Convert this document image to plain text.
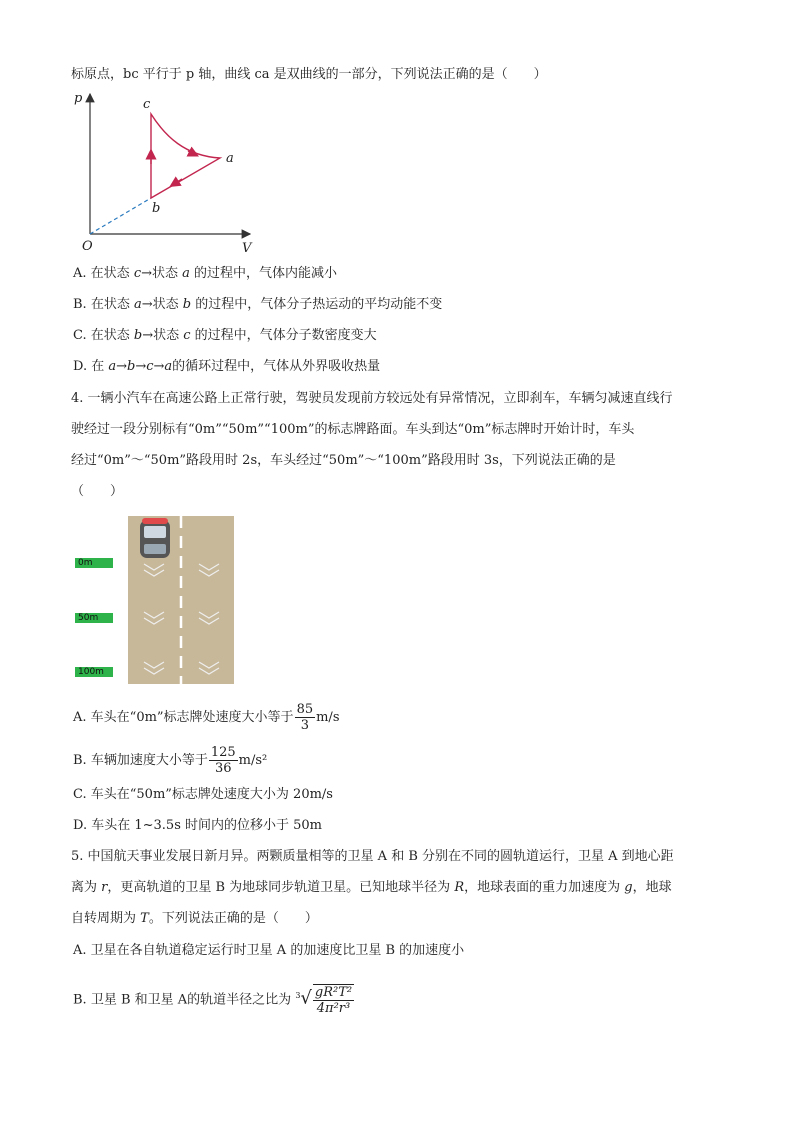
标原点，bc 平行于 p 轴，曲线 ca 是双曲线的一部分，下列说法正确的是（　　）
p
V
O
a
b
c
A. 在状态 c→状态 a 的过程中，气体内能减小
B. 在状态 a→状态 b 的过程中，气体分子热运动的平均动能不变
C. 在状态 b→状态 c 的过程中，气体分子数密度变大
D. 在 a→b→c→a的循环过程中，气体从外界吸收热量
4. 一辆小汽车在高速公路上正常行驶，驾驶员发现前方较远处有异常情况，立即刹车，车辆匀减速直线行
驶经过一段分别标有“0m”“50m”“100m”的标志牌路面。车头到达“0m”标志牌时开始计时，车头
经过“0m”～“50m”路段用时 2s，车头经过“50m”～“100m”路段用时 3s，下列说法正确的是
（　　）
0m
50m
100m
A. 车头在“0m”标志牌处速度大小等于 $\frac{85}{3} m/s$
B. 车辆加速度大小等于 $\frac{125}{36} m/s^2$
C. 车头在“50m”标志牌处速度大小为 20m/s
D. 车头在 1~3.5s 时间内的位移小于 50m
5. 中国航天事业发展日新月异。两颗质量相等的卫星 A 和 B 分别在不同的圆轨道运行，卫星 A 到地心距
离为 r，更高轨道的卫星 B 为地球同步轨道卫星。已知地球半径为 R，地球表面的重力加速度为 g，地球
自转周期为 T。下列说法正确的是（　　）
A. 卫星在各自轨道稳定运行时卫星 A 的加速度比卫星 B 的加速度小
B. 卫星 B 和卫星 A的轨道半径之比为 $^3√ \frac{\text{gR²T²}}{\text{4π²r³}}$
